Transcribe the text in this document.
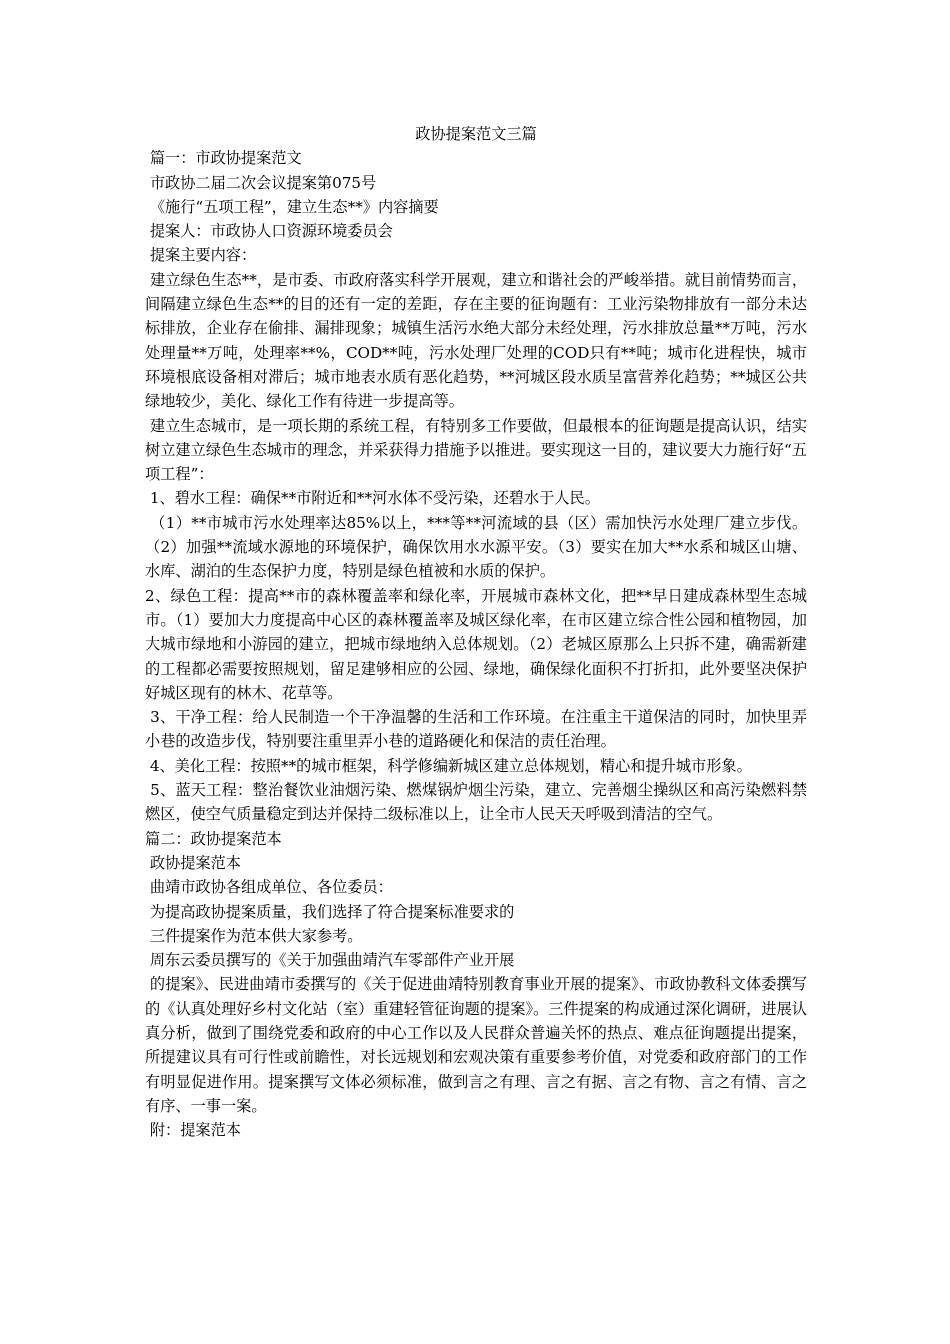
政协提案范文三篇

篇一：市政协提案范文

市政协二届二次会议提案第075号

《施行“五项工程”，建立生态**》内容摘要

提案人：市政协人口资源环境委员会

提案主要内容：

建立绿色生态**，是市委、市政府落实科学开展观，建立和谐社会的严峻举措。就目前情势而言，间隔建立绿色生态**的目的还有一定的差距，存在主要的征询题有：工业污染物排放有一部分未达标排放，企业存在偷排、漏排现象；城镇生活污水绝大部分未经处理，污水排放总量**万吨，污水处理量**万吨，处理率**%，COD**吨，污水处理厂处理的COD只有**吨；城市化进程快，城市环境根底设备相对滞后；城市地表水质有恶化趋势，**河城区段水质呈富营养化趋势；**城区公共绿地较少，美化、绿化工作有待进一步提高等。

建立生态城市，是一项长期的系统工程，有特别多工作要做，但最根本的征询题是提高认识，结实树立建立绿色生态城市的理念，并采获得力措施予以推进。要实现这一目的，建议要大力施行好“五项工程”：

1、碧水工程：确保**市附近和**河水体不受污染，还碧水于人民。

（1）**市城市污水处理率达85%以上，***等**河流域的县（区）需加快污水处理厂建立步伐。（2）加强**流域水源地的环境保护，确保饮用水水源平安。（3）要实在加大**水系和城区山塘、水库、湖泊的生态保护力度，特别是绿色植被和水质的保护。

2、绿色工程：提高**市的森林覆盖率和绿化率，开展城市森林文化，把**早日建成森林型生态城市。（1）要加大力度提高中心区的森林覆盖率及城区绿化率，在市区建立综合性公园和植物园，加大城市绿地和小游园的建立，把城市绿地纳入总体规划。（2）老城区原那么上只拆不建，确需新建的工程都必需要按照规划，留足建够相应的公园、绿地，确保绿化面积不打折扣，此外要坚决保护好城区现有的林木、花草等。

3、干净工程：给人民制造一个干净温馨的生活和工作环境。在注重主干道保洁的同时，加快里弄小巷的改造步伐，特别要注重里弄小巷的道路硬化和保洁的责任治理。

4、美化工程：按照**的城市框架，科学修编新城区建立总体规划，精心和提升城市形象。

5、蓝天工程：整治餐饮业油烟污染、燃煤锅炉烟尘污染，建立、完善烟尘操纵区和高污染燃料禁燃区，使空气质量稳定到达并保持二级标准以上，让全市人民天天呼吸到清洁的空气。

篇二：政协提案范本

政协提案范本

曲靖市政协各组成单位、各位委员：

为提高政协提案质量，我们选择了符合提案标准要求的

三件提案作为范本供大家参考。

周东云委员撰写的《关于加强曲靖汽车零部件产业开展

的提案》、民进曲靖市委撰写的《关于促进曲靖特别教育事业开展的提案》、市政协教科文体委撰写的《认真处理好乡村文化站（室）重建轻管征询题的提案》。三件提案的构成通过深化调研，进展认真分析，做到了围绕党委和政府的中心工作以及人民群众普遍关怀的热点、难点征询题提出提案，所提建议具有可行性或前瞻性，对长远规划和宏观决策有重要参考价值，对党委和政府部门的工作有明显促进作用。提案撰写文体必须标准，做到言之有理、言之有据、言之有物、言之有情、言之有序、一事一案。

附：提案范本
